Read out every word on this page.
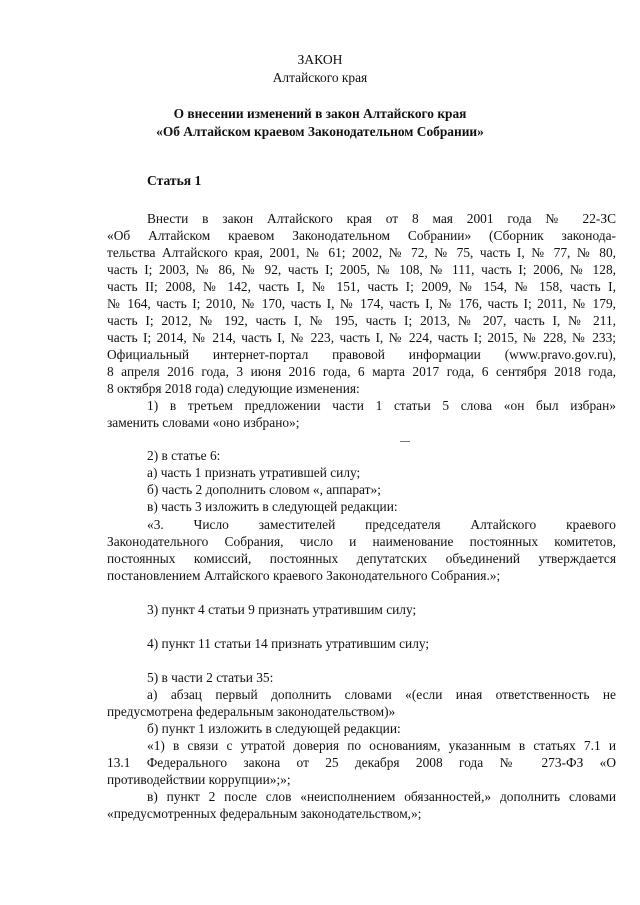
ЗАКОН
Алтайского края
О внесении изменений в закон Алтайского края
«Об Алтайском краевом Законодательном Собрании»
Статья 1
Внести в закон Алтайского края от 8 мая 2001 года № 22-ЗС
«Об Алтайском краевом Законодательном Собрании» (Сборник законода-
тельства Алтайского края, 2001, № 61; 2002, № 72, № 75, часть I, № 77, № 80,
часть I; 2003, № 86, № 92, часть I; 2005, № 108, № 111, часть I; 2006, № 128,
часть II; 2008, № 142, часть I, № 151, часть I; 2009, № 154, № 158, часть I,
№ 164, часть I; 2010, № 170, часть I, № 174, часть I, № 176, часть I; 2011, № 179,
часть I; 2012, № 192, часть I, № 195, часть I; 2013, № 207, часть I, № 211,
часть I; 2014, № 214, часть I, № 223, часть I, № 224, часть I; 2015, № 228, № 233;
Официальный интернет-портал правовой информации (www.pravo.gov.ru),
8 апреля 2016 года, 3 июня 2016 года, 6 марта 2017 года, 6 сентября 2018 года,
8 октября 2018 года) следующие изменения:
1) в третьем предложении части 1 статьи 5 слова «он был избран»
заменить словами «оно избрано»;
2) в статье 6:
а) часть 1 признать утратившей силу;
б) часть 2 дополнить словом «, аппарат»;
в) часть 3 изложить в следующей редакции:
«3. Число заместителей председателя Алтайского краевого
Законодательного Собрания, число и наименование постоянных комитетов,
постоянных комиссий, постоянных депутатских объединений утверждается
постановлением Алтайского краевого Законодательного Собрания.»;
3) пункт 4 статьи 9 признать утратившим силу;
4) пункт 11 статьи 14 признать утратившим силу;
5) в части 2 статьи 35:
а) абзац первый дополнить словами «(если иная ответственность не
предусмотрена федеральным законодательством)»
б) пункт 1 изложить в следующей редакции:
«1) в связи с утратой доверия по основаниям, указанным в статьях 7.1 и
13.1 Федерального закона от 25 декабря 2008 года № 273-ФЗ «О
противодействии коррупции»;»;
в) пункт 2 после слов «неисполнением обязанностей,» дополнить словами
«предусмотренных федеральным законодательством,»;
